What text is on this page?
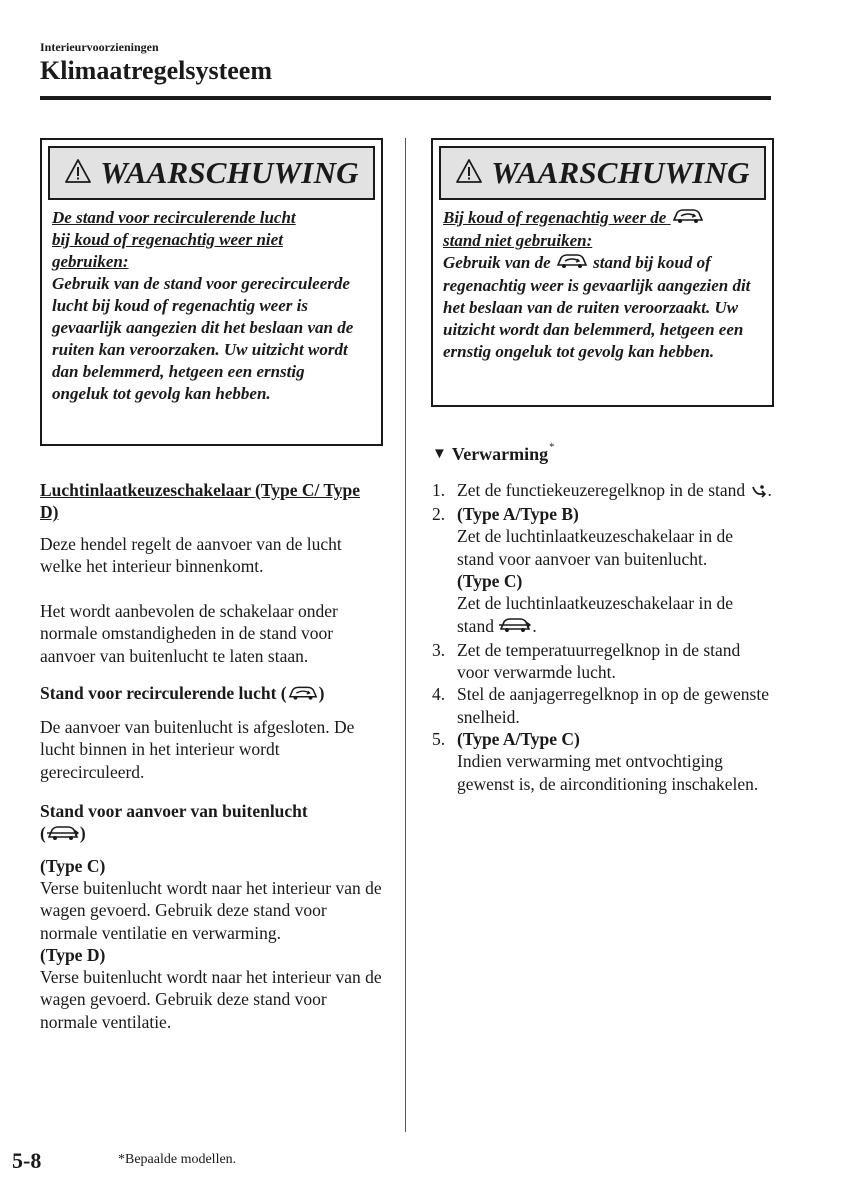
Interieurvoorzieningen
Klimaatregelsysteem
WAARSCHUWING
De stand voor recirculerende lucht
bij koud of regenachtig weer niet
gebruiken:
Gebruik van de stand voor gerecirculeerde lucht bij koud of regenachtig weer is gevaarlijk aangezien dit het beslaan van de ruiten kan veroorzaken. Uw uitzicht wordt dan belemmerd, hetgeen een ernstig ongeluk tot gevolg kan hebben.
WAARSCHUWING
Bij koud of regenachtig weer de
stand niet gebruiken:
Gebruik van de	stand bij koud of regenachtig weer is gevaarlijk aangezien dit het beslaan van de ruiten veroorzaakt. Uw uitzicht wordt dan belemmerd, hetgeen een ernstig ongeluk tot gevolg kan hebben.
Luchtinlaatkeuzeschakelaar (Type C/ Type D)
Deze hendel regelt de aanvoer van de lucht welke het interieur binnenkomt.
Het wordt aanbevolen de schakelaar onder normale omstandigheden in de stand voor aanvoer van buitenlucht te laten staan.
Stand voor recirculerende lucht ( )
De aanvoer van buitenlucht is afgesloten. De lucht binnen in het interieur wordt gerecirculeerd.
Stand voor aanvoer van buitenlucht
( )
(Type C)
Verse buitenlucht wordt naar het interieur van de wagen gevoerd. Gebruik deze stand voor normale ventilatie en verwarming.
(Type D)
Verse buitenlucht wordt naar het interieur van de wagen gevoerd. Gebruik deze stand voor normale ventilatie.
▼ Verwarming*
1. Zet de functiekeuzeregelknop in de stand .
2. (Type A/Type B)
Zet de luchtinlaatkeuzeschakelaar in de stand voor aanvoer van buitenlucht.
(Type C)
Zet de luchtinlaatkeuzeschakelaar in de stand .
3. Zet de temperatuurregelknop in de stand voor verwarmde lucht.
4. Stel de aanjagerregelknop in op de gewenste snelheid.
5. (Type A/Type C)
Indien verwarming met ontvochtiging gewenst is, de airconditioning inschakelen.
5-8	*Bepaalde modellen.
